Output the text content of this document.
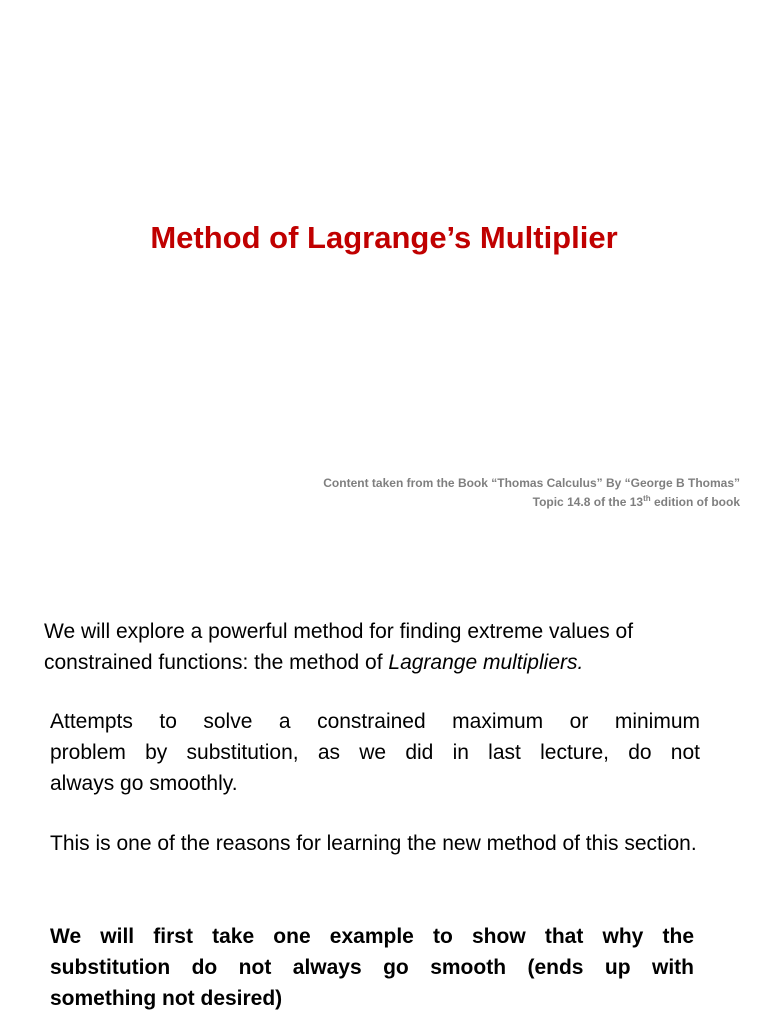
Method of Lagrange’s Multiplier
Content taken from the Book “Thomas Calculus” By “George B Thomas”
Topic 14.8 of the 13th edition of book
We will explore a powerful method for finding extreme values of constrained functions: the method of Lagrange multipliers.
Attempts to solve a constrained maximum or minimum
problem by substitution, as we did in last lecture, do not
always go smoothly.
This is one of the reasons for learning the new method of this section.
We will first take one example to show that why the
substitution do not always go smooth (ends up with
something not desired)
